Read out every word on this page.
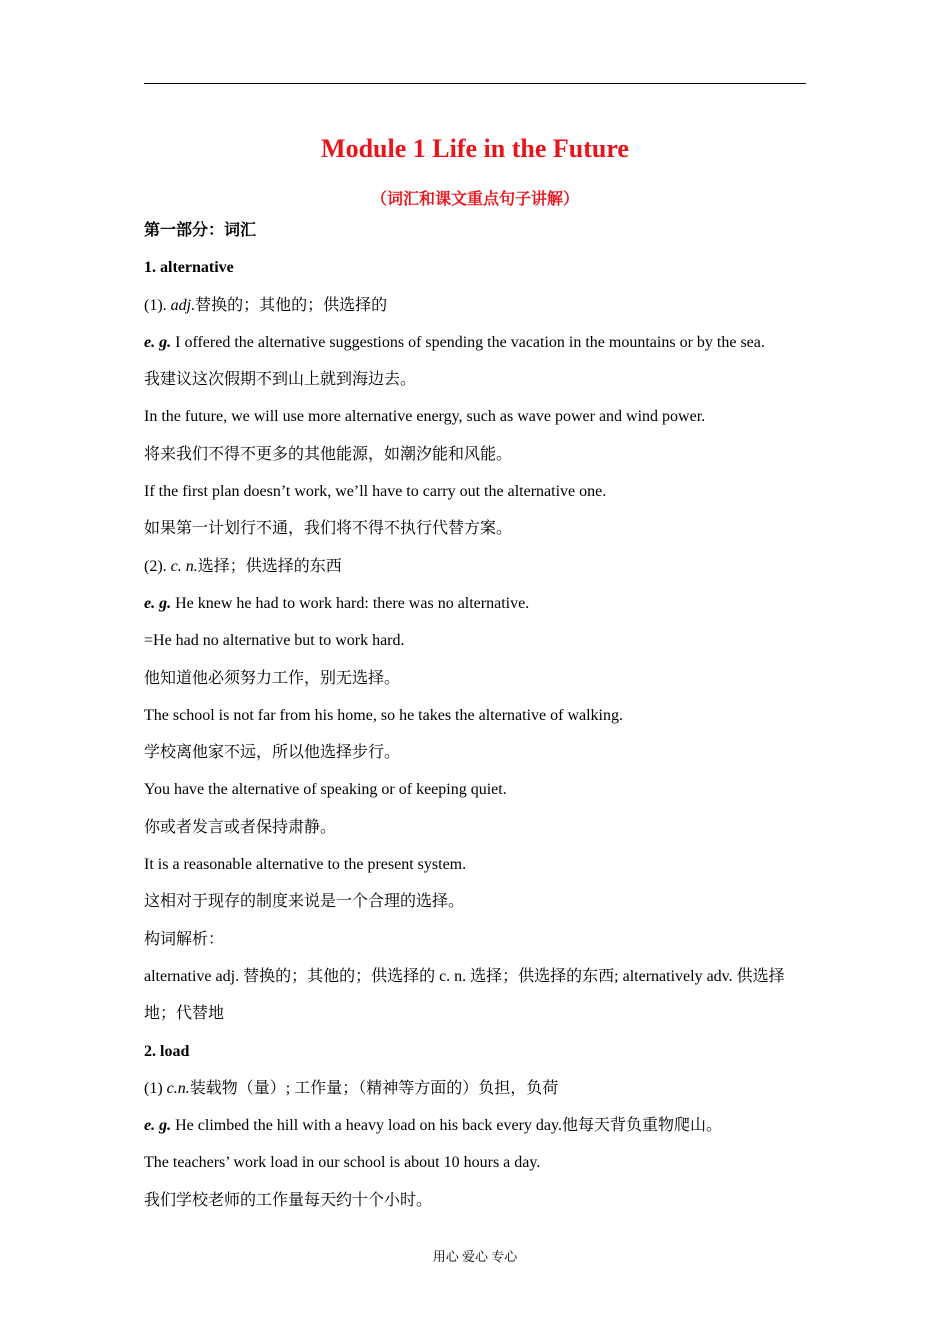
Module 1 Life in the Future
（词汇和课文重点句子讲解）
第一部分：词汇
1. alternative
(1). adj.替换的；其他的；供选择的
e. g. I offered the alternative suggestions of spending the vacation in the mountains or by the sea.
我建议这次假期不到山上就到海边去。
In the future, we will use more alternative energy, such as wave power and wind power.
将来我们不得不更多的其他能源，如潮汐能和风能。
If the first plan doesn’t work, we’ll have to carry out the alternative one.
如果第一计划行不通，我们将不得不执行代替方案。
(2). c. n.选择；供选择的东西
e. g. He knew he had to work hard: there was no alternative.
=He had no alternative but to work hard.
他知道他必须努力工作，别无选择。
The school is not far from his home, so he takes the alternative of walking.
学校离他家不远，所以他选择步行。
You have the alternative of speaking or of keeping quiet.
你或者发言或者保持肃静。
It is a reasonable alternative to the present system.
这相对于现存的制度来说是一个合理的选择。
构词解析：
alternative adj. 替换的；其他的；供选择的 c. n. 选择；供选择的东西; alternatively adv. 供选择地；代替地
2. load
(1) c.n.装载物（量）; 工作量；（精神等方面的）负担，负荷
e. g. He climbed the hill with a heavy load on his back every day.他每天背负重物爬山。
The teachers’ work load in our school is about 10 hours a day.
我们学校老师的工作量每天约十个小时。
用心 爱心 专心
